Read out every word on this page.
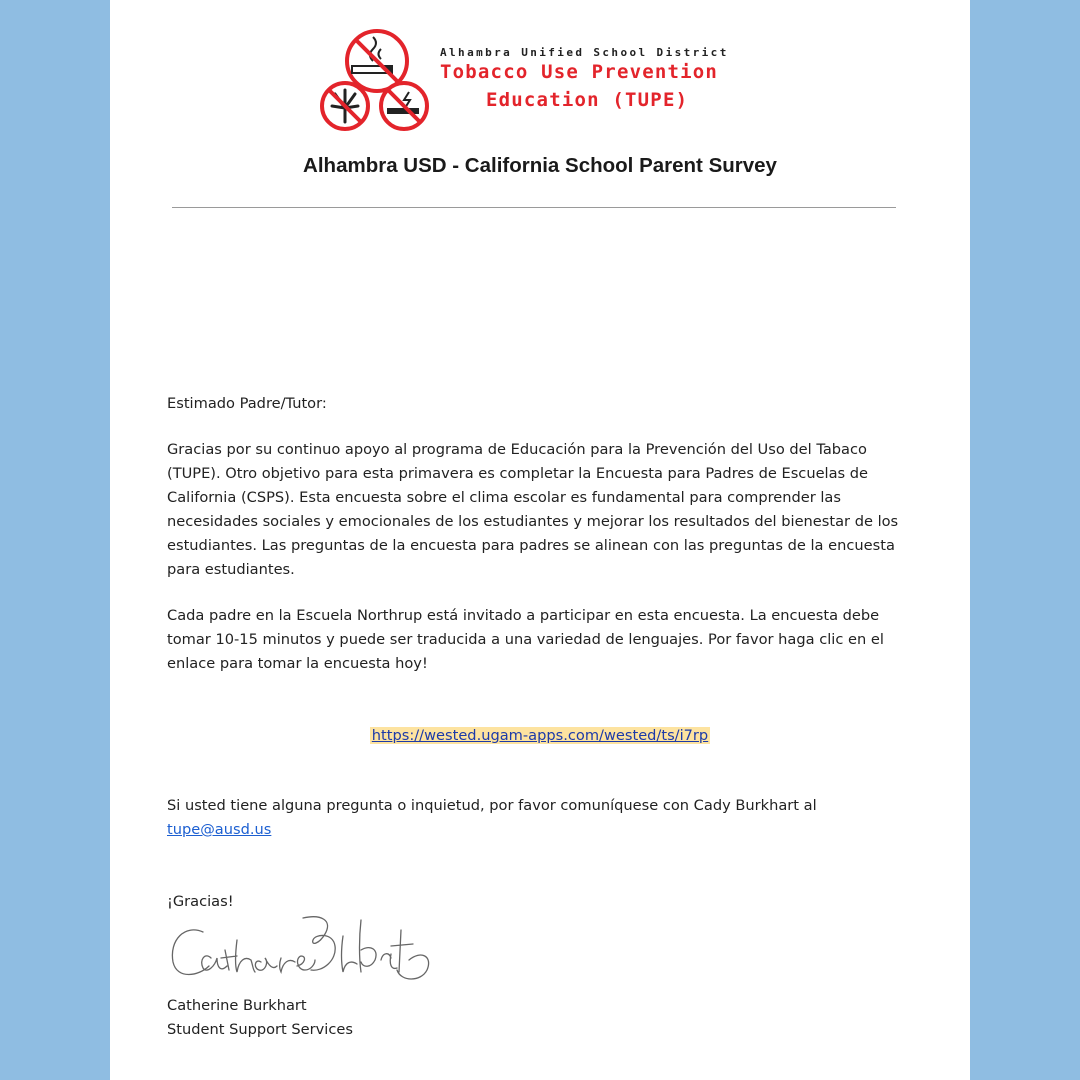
Alhambra Unified School District
Tobacco Use Prevention
Education (TUPE)
Alhambra USD - California School Parent Survey

Estimado Padre/Tutor:

Gracias por su continuo apoyo al programa de Educación para la Prevención del Uso del Tabaco (TUPE). Otro objetivo para esta primavera es completar la Encuesta para Padres de Escuelas de California (CSPS). Esta encuesta sobre el clima escolar es fundamental para comprender las necesidades sociales y emocionales de los estudiantes y mejorar los resultados del bienestar de los estudiantes. Las preguntas de la encuesta para padres se alinean con las preguntas de la encuesta para estudiantes.

Cada padre en la Escuela Northrup está invitado a participar en esta encuesta. La encuesta debe tomar 10-15 minutos y puede ser traducida a una variedad de lenguajes. Por favor haga clic en el enlace para tomar la encuesta hoy!

https://wested.ugam-apps.com/wested/ts/i7rp

Si usted tiene alguna pregunta o inquietud, por favor comuníquese con Cady Burkhart al
tupe@ausd.us

¡Gracias!

Catherine Burkhart

Student Support Services
